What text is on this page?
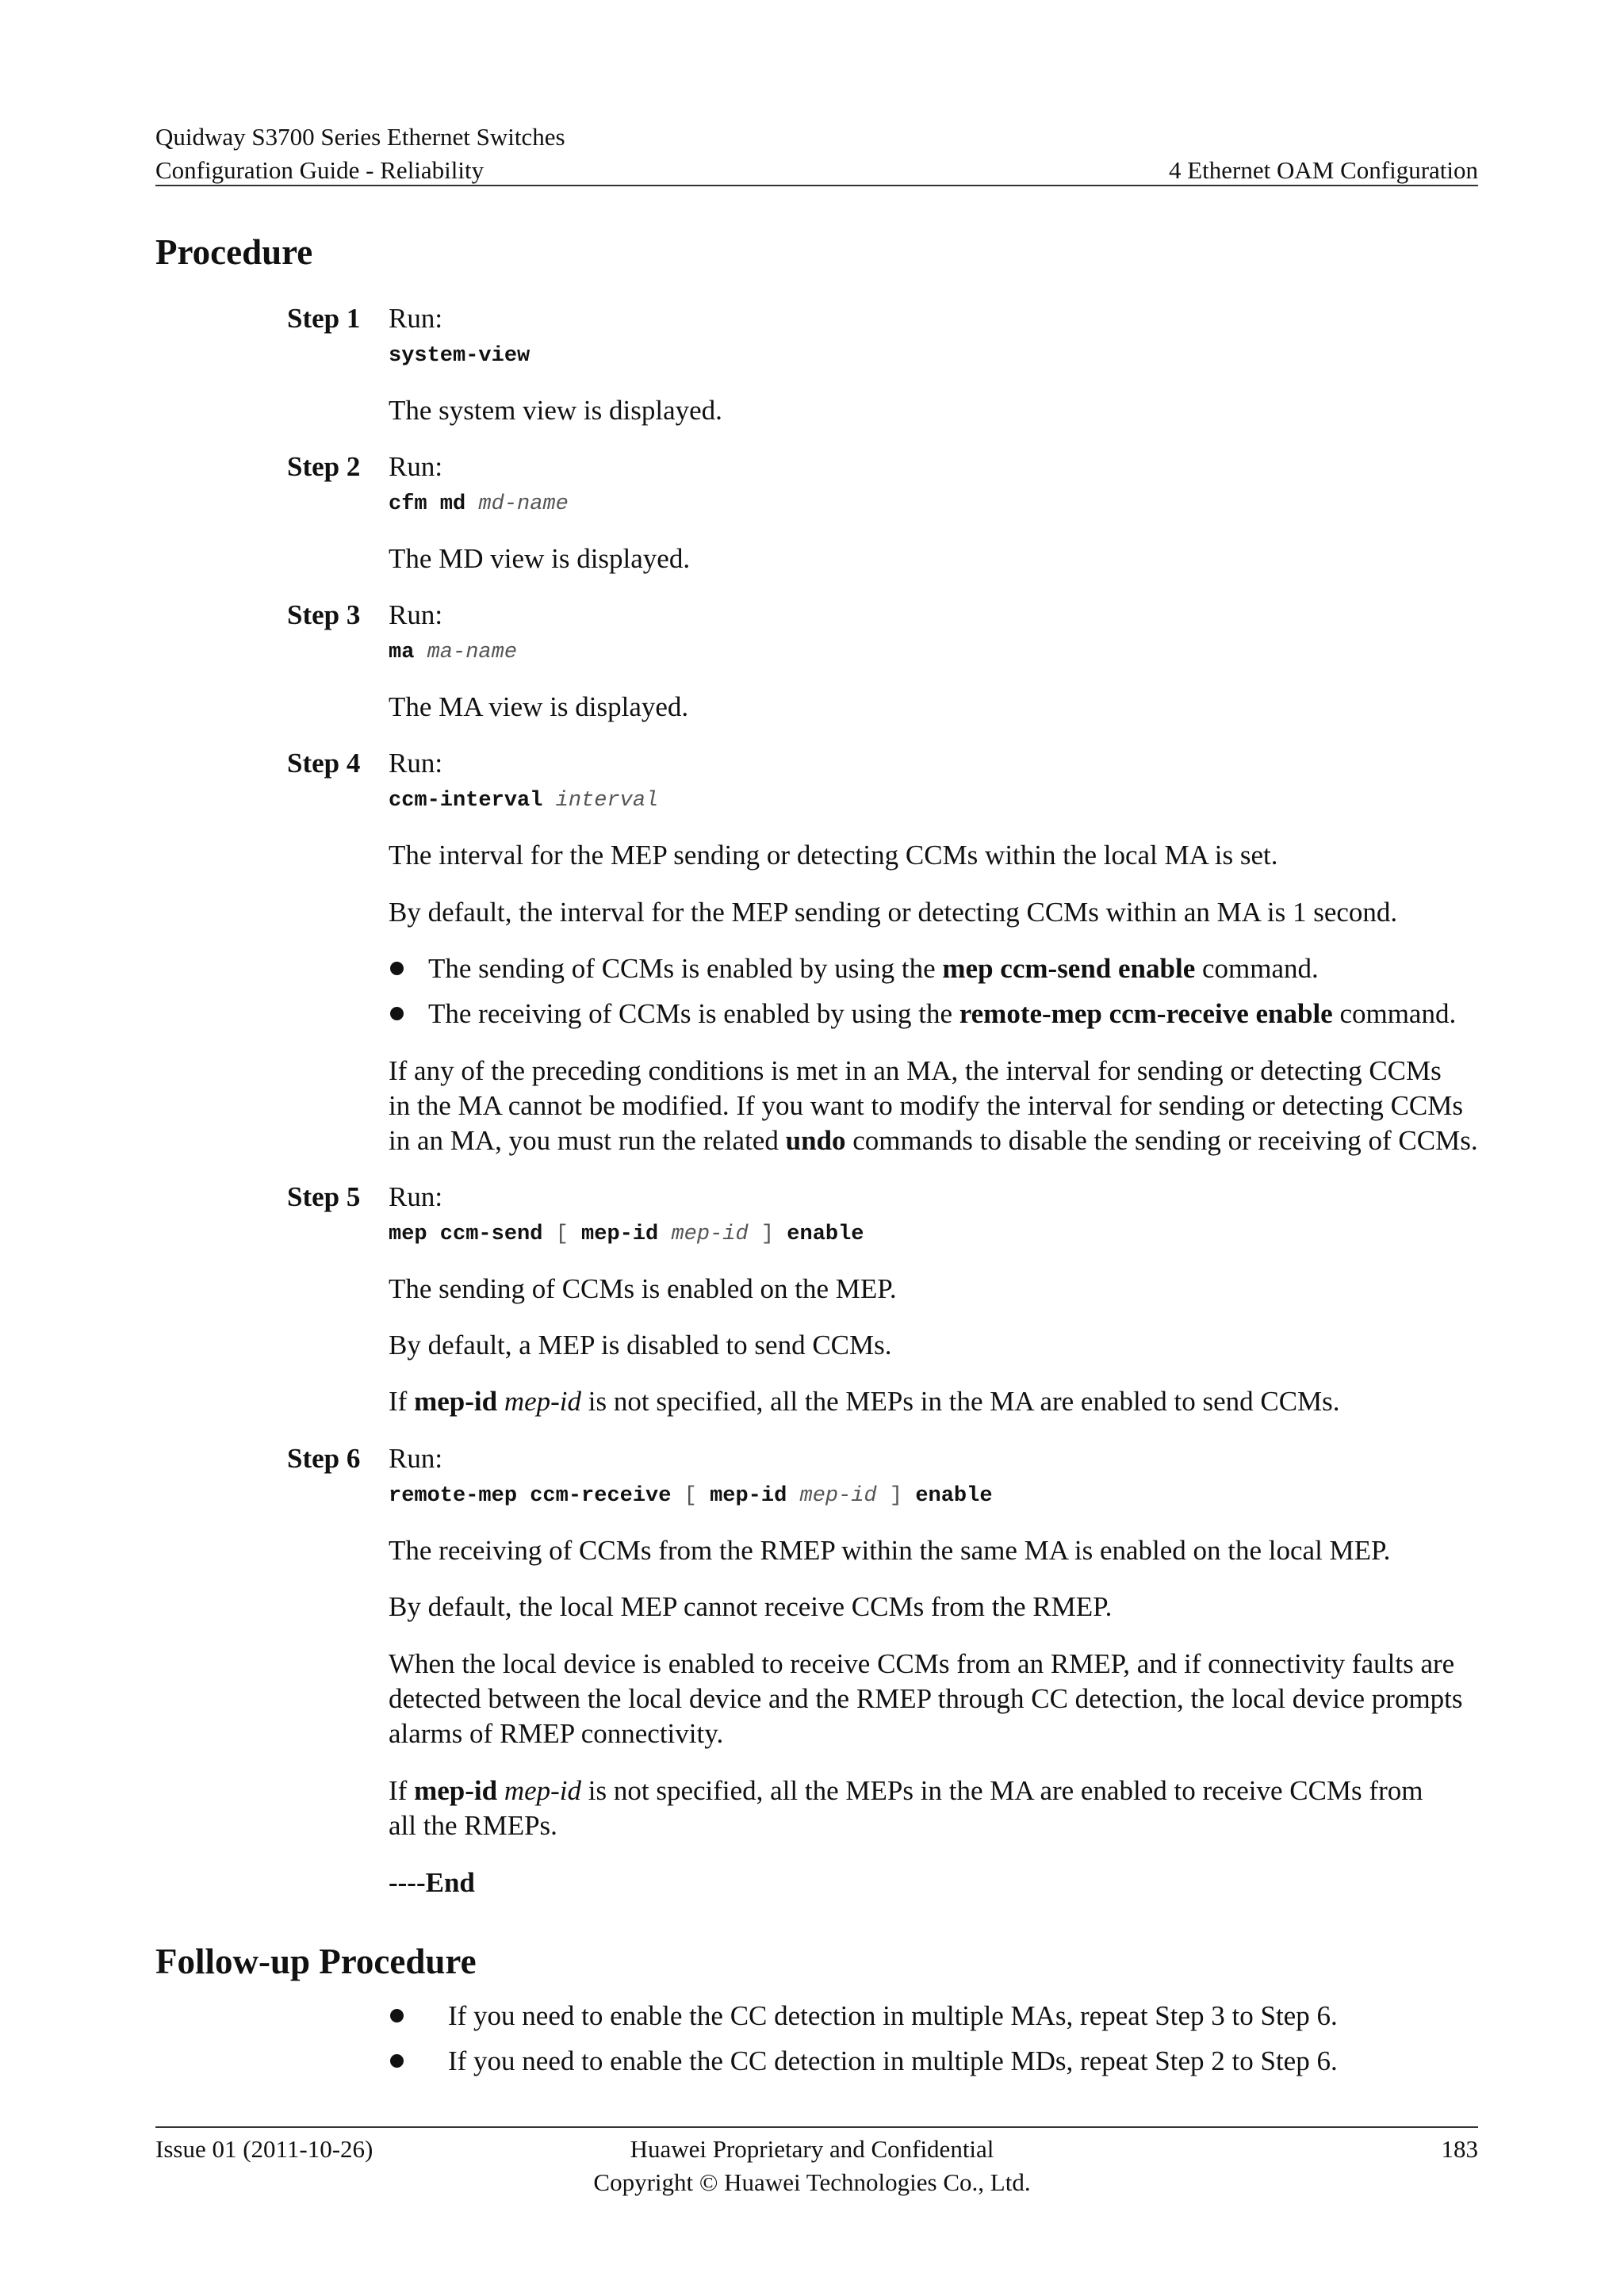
Quidway S3700 Series Ethernet Switches
Configuration Guide - Reliability	4 Ethernet OAM Configuration
Procedure
Step 1 Run:
system-view
The system view is displayed.
Step 2 Run:
cfm md md-name
The MD view is displayed.
Step 3 Run:
ma ma-name
The MA view is displayed.
Step 4 Run:
ccm-interval interval
The interval for the MEP sending or detecting CCMs within the local MA is set.
By default, the interval for the MEP sending or detecting CCMs within an MA is 1 second.
The sending of CCMs is enabled by using the mep ccm-send enable command.
The receiving of CCMs is enabled by using the remote-mep ccm-receive enable command.
If any of the preceding conditions is met in an MA, the interval for sending or detecting CCMs
in the MA cannot be modified. If you want to modify the interval for sending or detecting CCMs
in an MA, you must run the related undo commands to disable the sending or receiving of CCMs.
Step 5 Run:
mep ccm-send [ mep-id mep-id ] enable
The sending of CCMs is enabled on the MEP.
By default, a MEP is disabled to send CCMs.
If mep-id mep-id is not specified, all the MEPs in the MA are enabled to send CCMs.
Step 6 Run:
remote-mep ccm-receive [ mep-id mep-id ] enable
The receiving of CCMs from the RMEP within the same MA is enabled on the local MEP.
By default, the local MEP cannot receive CCMs from the RMEP.
When the local device is enabled to receive CCMs from an RMEP, and if connectivity faults are
detected between the local device and the RMEP through CC detection, the local device prompts
alarms of RMEP connectivity.
If mep-id mep-id is not specified, all the MEPs in the MA are enabled to receive CCMs from
all the RMEPs.
----End
Follow-up Procedure
If you need to enable the CC detection in multiple MAs, repeat Step 3 to Step 6.
If you need to enable the CC detection in multiple MDs, repeat Step 2 to Step 6.
Issue 01 (2011-10-26)	Huawei Proprietary and Confidential
Copyright © Huawei Technologies Co., Ltd.
183
